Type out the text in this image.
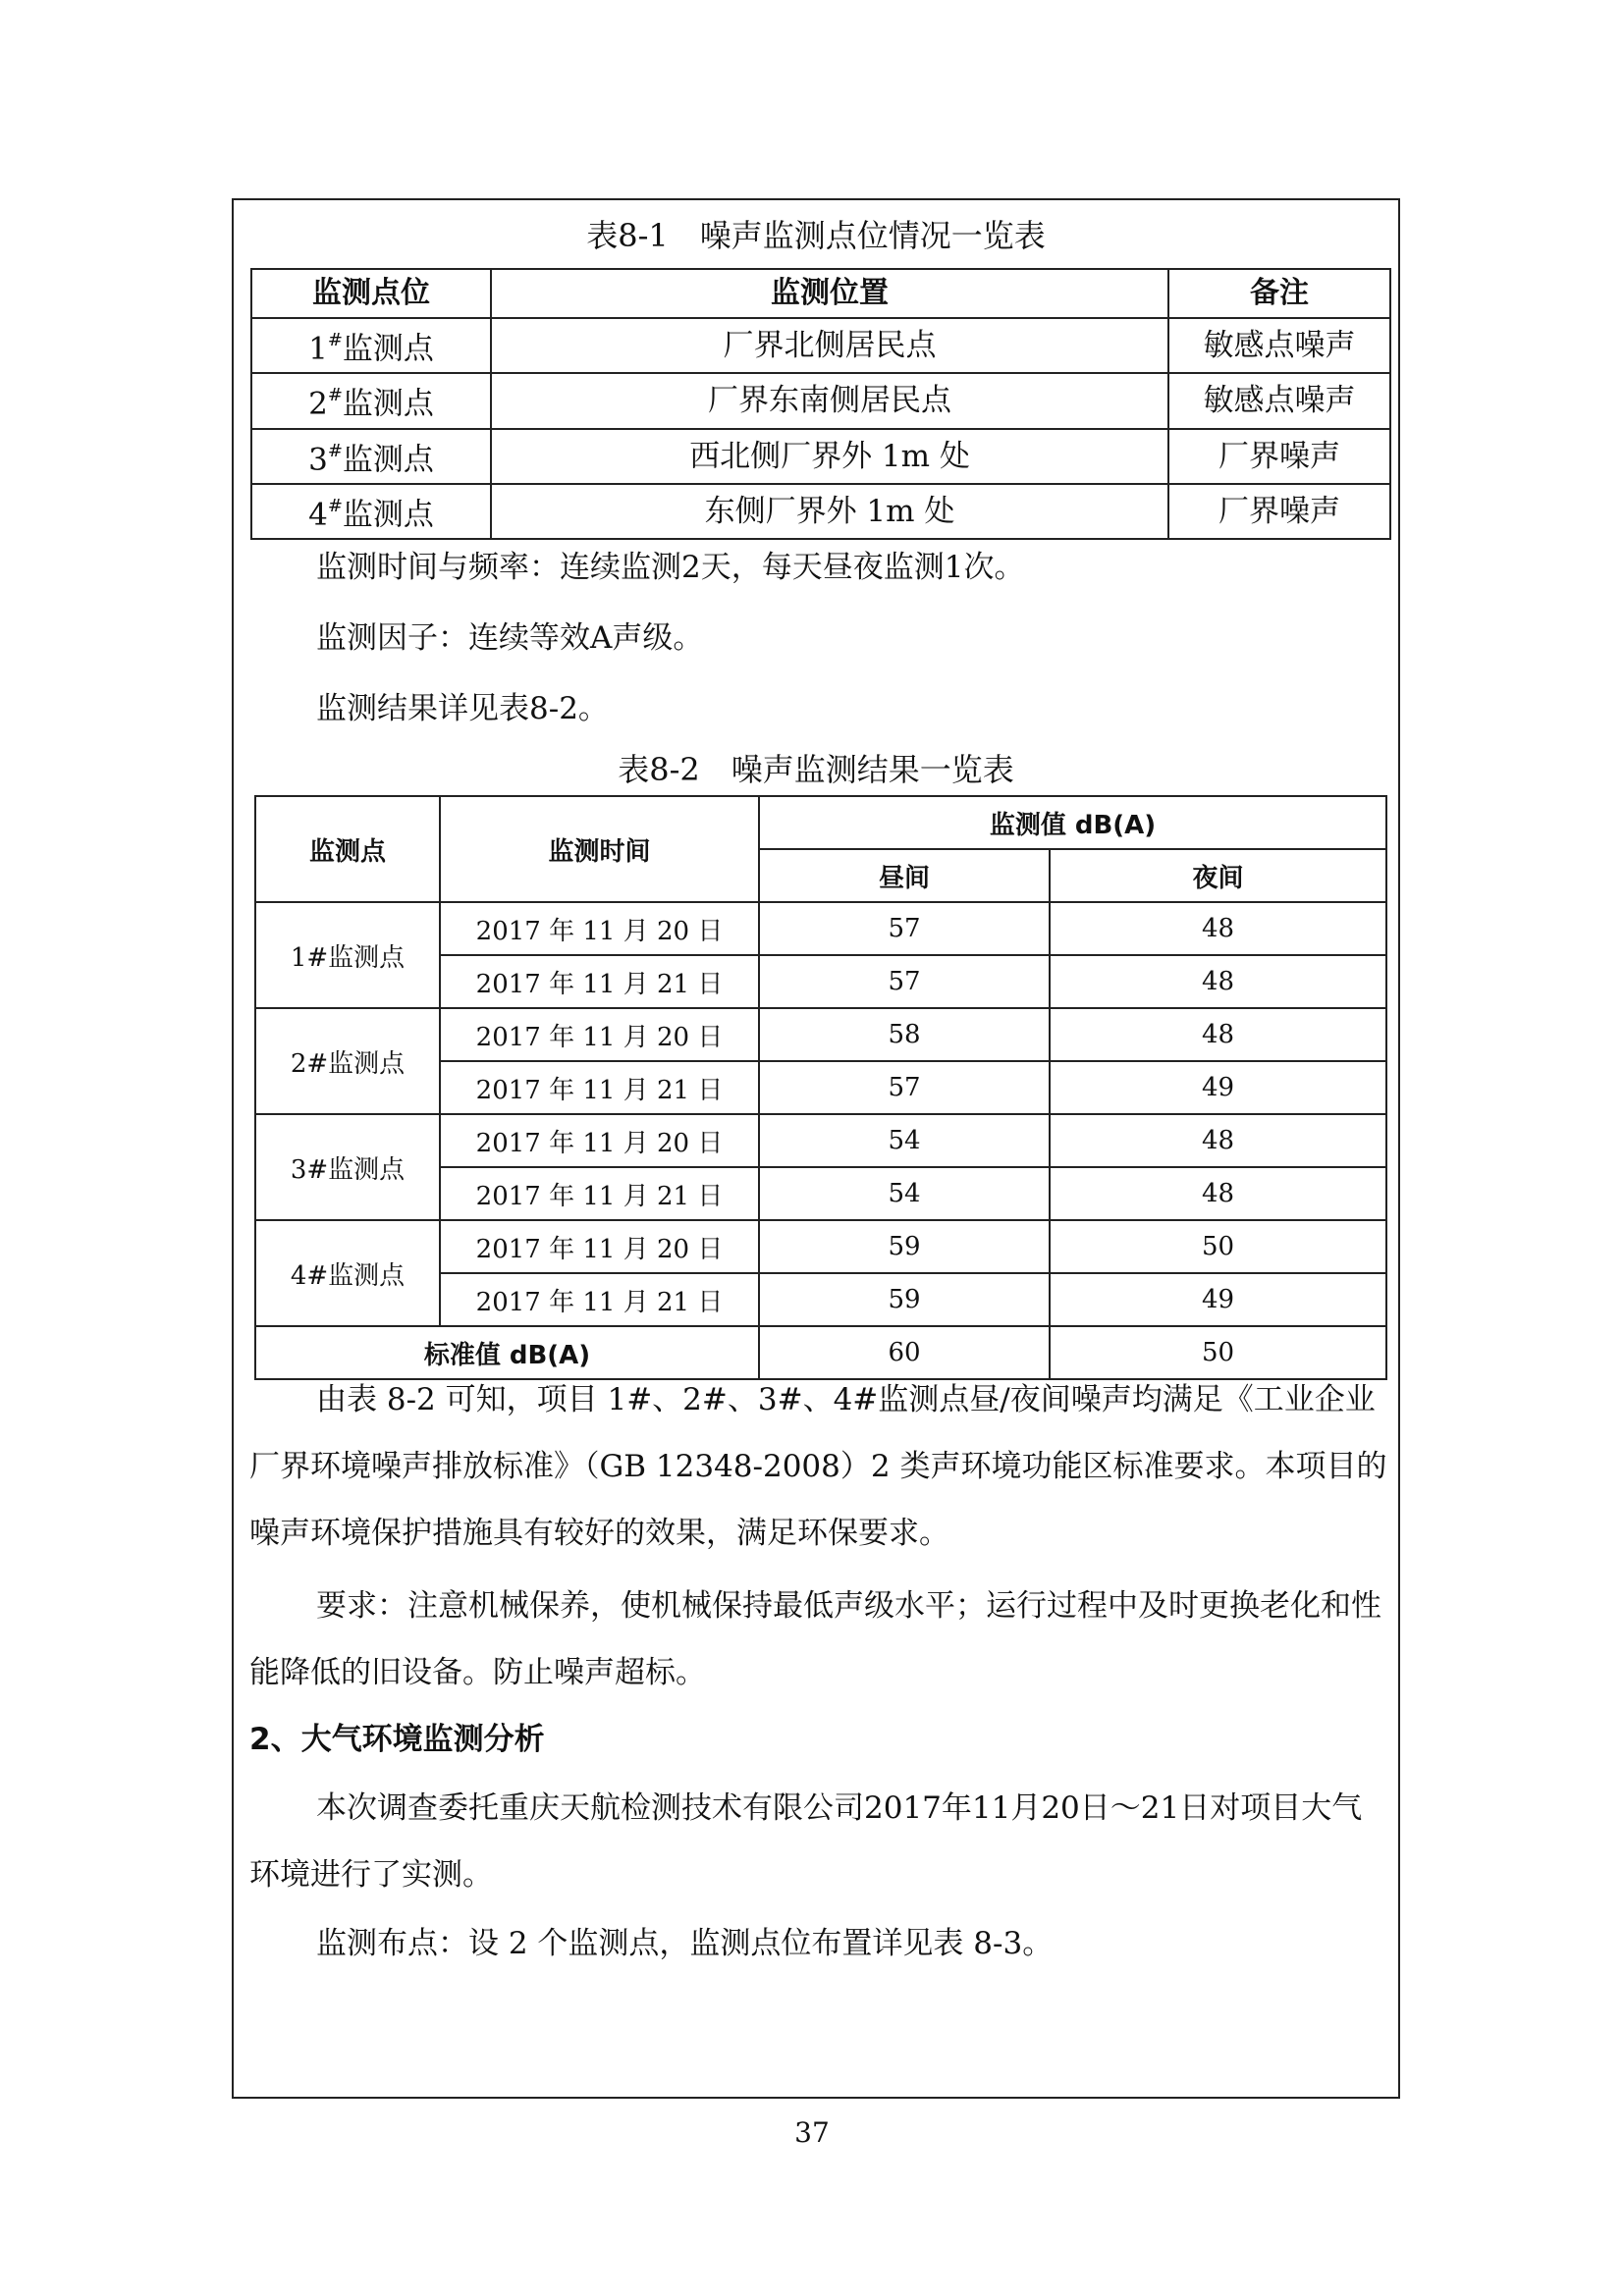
表8-1　噪声监测点位情况一览表
监测点位	监测位置	备注
1#监测点	厂界北侧居民点	敏感点噪声
2#监测点	厂界东南侧居民点	敏感点噪声
3#监测点	西北侧厂界外 1m 处	厂界噪声
4#监测点	东侧厂界外 1m 处	厂界噪声

监测时间与频率：连续监测2天，每天昼夜监测1次。

监测因子：连续等效A声级。

监测结果详见表8-2。

表8-2　噪声监测结果一览表
监测点	监测时间	监测值 dB(A)	
		昼间	夜间
1#监测点	2017 年 11 月 20 日	57	48
	2017 年 11 月 21 日	57	48
2#监测点	2017 年 11 月 20 日	58	48
	2017 年 11 月 21 日	57	49
3#监测点	2017 年 11 月 20 日	54	48
	2017 年 11 月 21 日	54	48
4#监测点	2017 年 11 月 20 日	59	50
	2017 年 11 月 21 日	59	49
标准值 dB(A)		60	50

由表 8-2 可知，项目 1#、2#、3#、4#监测点昼/夜间噪声均满足《工业企业厂界环境噪声排放标准》（GB 12348-2008）2 类声环境功能区标准要求。本项目的噪声环境保护措施具有较好的效果，满足环保要求。

要求：注意机械保养，使机械保持最低声级水平；运行过程中及时更换老化和性能降低的旧设备。防止噪声超标。

2、大气环境监测分析

本次调查委托重庆天航检测技术有限公司2017年11月20日～21日对项目大气环境进行了实测。

监测布点：设 2 个监测点，监测点位布置详见表 8-3。

37
